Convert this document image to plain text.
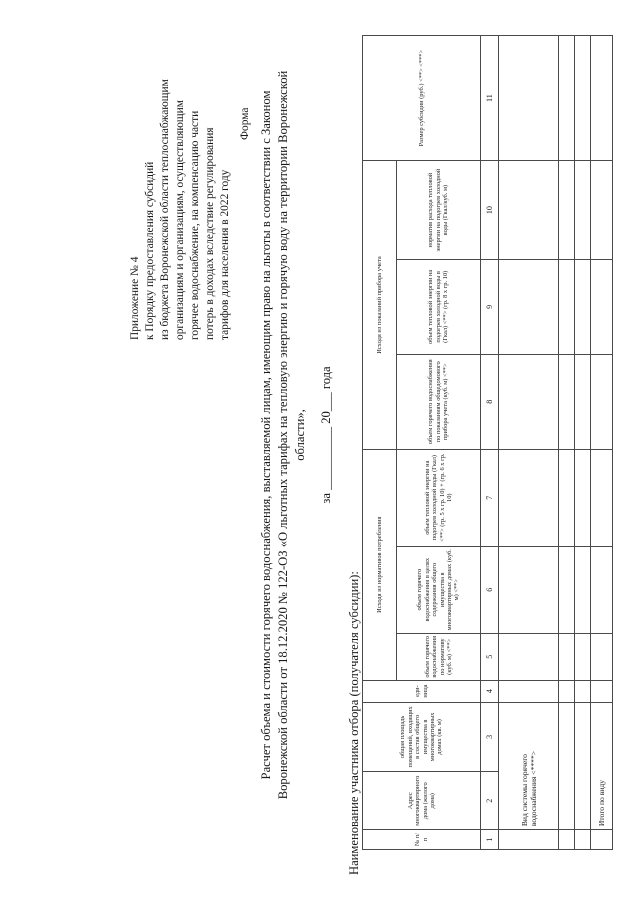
Приложение № 4 к Порядку предоставления субсидий из бюджета Воронежской области теплоснабжающим организациям и организациям, осуществляющим горячее водоснабжение, на компенсацию части потерь в доходах вследствие регулирования тарифов для населения в 2022 году
Форма Расчет объема и стоимости горячего водоснабжения, выставляемой лицам, имеющим право на льготы в соответствии с Законом Воронежской области от 18.12.2020 № 122-ОЗ «О льготных тарифах на тепловую энергию и горячую воду на территории Воронежской области»,
за __________ 20___ года
Наименование участника отбора (получателя субсидии):	№ п/п	Адрес многоквартирного дома (жилого дома)	общая площадь помещений, входящих в состав общего имущества в многоквартирных домах (кв. м)	еди-ница	Исходя из нормативов потребления			Исходя из показаний прибора учета			Размер субсидии (руб.) <**> <***>

				объем горячего водоснабжения по нормативу (куб. м) <**>	объем горячего водоснабжения в целях содержания общего имущества в многоквартирных домах (куб. м) <**>	объем тепловой энергии на подогрев холодной воды (Гкал) <**> (гр. 5 х гр. 10) + (гр. 6 х гр. 10)	объем горячего водоснабжения по показаниям общедомового прибора учета (куб. м) <**>	объем тепловой энергии на подогрев холодной воды в (Гкал) <**> (гр. 8 х гр. 10)	норматив расхода тепловой энергии на подогрев холодной воды (Гкал/куб. м)	

1	2	3	4	5	6	7	8	9	10	11

	Вид системы горячего водоснабжения <****>									

	Итого по виду									
